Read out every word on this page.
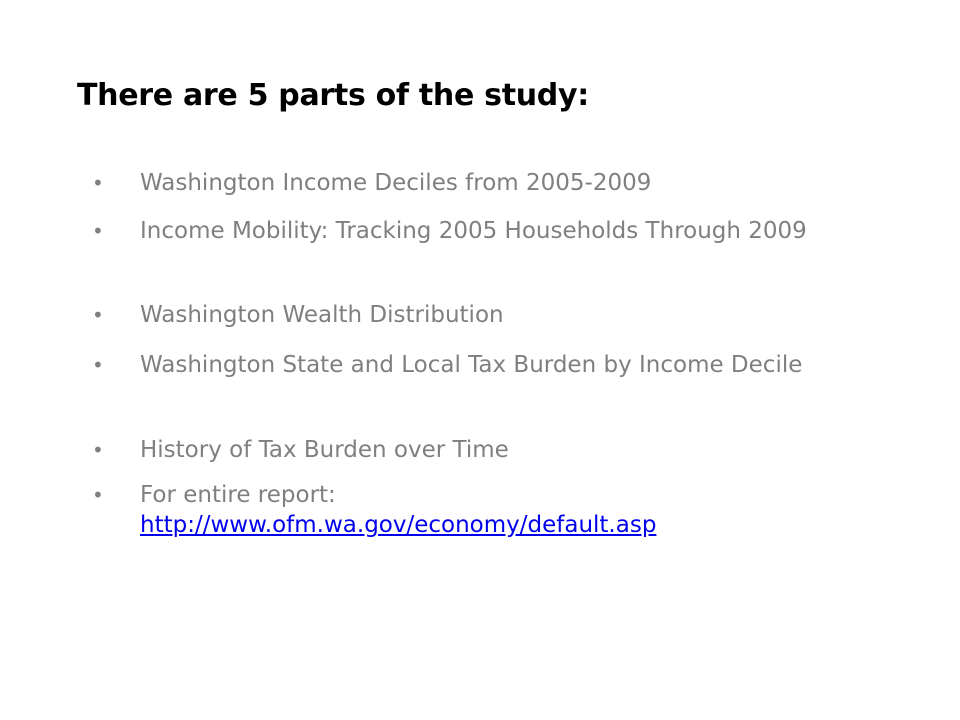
There are 5 parts of the study:
•	Washington Income Deciles from 2005-2009
•	Income Mobility: Tracking 2005 Households Through 2009
•	Washington Wealth Distribution
•	Washington State and Local Tax Burden by Income Decile
•	History of Tax Burden over Time
•	For entire report:
http://www.ofm.wa.gov/economy/default.asp
